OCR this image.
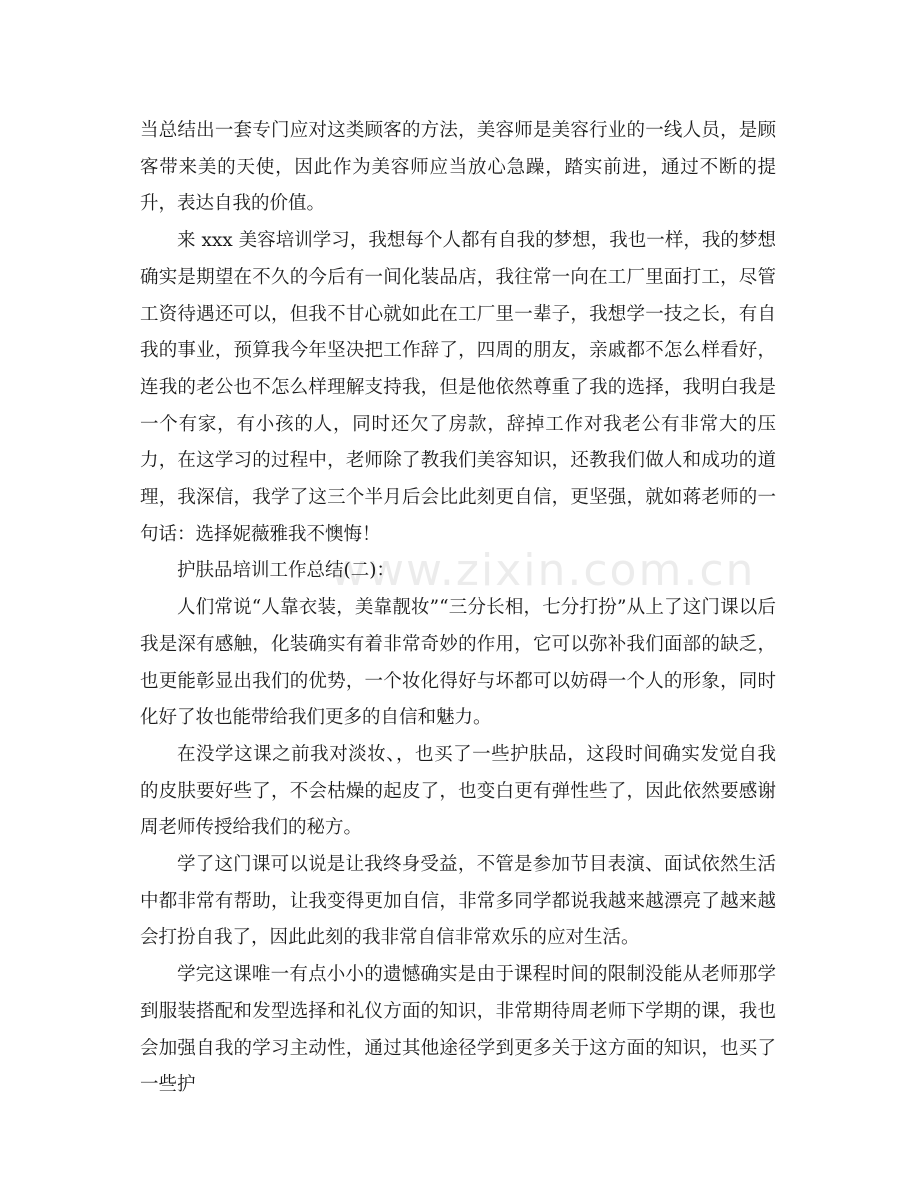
www.zixin.com.cn

当总结出一套专门应对这类顾客的方法，美容师是美容行业的一线人员，是顾客带来美的天使，因此作为美容师应当放心急躁，踏实前进，通过不断的提升，表达自我的价值。

来 xxx 美容培训学习，我想每个人都有自我的梦想，我也一样，我的梦想确实是期望在不久的今后有一间化装品店，我往常一向在工厂里面打工，尽管工资待遇还可以，但我不甘心就如此在工厂里一辈子，我想学一技之长，有自我的事业，预算我今年坚决把工作辞了，四周的朋友，亲戚都不怎么样看好，连我的老公也不怎么样理解支持我，但是他依然尊重了我的选择，我明白我是一个有家，有小孩的人，同时还欠了房款，辞掉工作对我老公有非常大的压力，在这学习的过程中，老师除了教我们美容知识，还教我们做人和成功的道理，我深信，我学了这三个半月后会比此刻更自信，更坚强，就如蒋老师的一句话：选择妮薇雅我不懊悔！

护肤品培训工作总结(二)：

人们常说“人靠衣装，美靠靓妆”“三分长相，七分打扮”从上了这门课以后我是深有感触，化装确实有着非常奇妙的作用，它可以弥补我们面部的缺乏，也更能彰显出我们的优势，一个妆化得好与坏都可以妨碍一个人的形象，同时化好了妆也能带给我们更多的自信和魅力。

在没学这课之前我对淡妆、，也买了一些护肤品，这段时间确实发觉自我的皮肤要好些了，不会枯燥的起皮了，也变白更有弹性些了，因此依然要感谢周老师传授给我们的秘方。

学了这门课可以说是让我终身受益，不管是参加节目表演、面试依然生活中都非常有帮助，让我变得更加自信，非常多同学都说我越来越漂亮了越来越会打扮自我了，因此此刻的我非常自信非常欢乐的应对生活。

学完这课唯一有点小小的遗憾确实是由于课程时间的限制没能从老师那学到服装搭配和发型选择和礼仪方面的知识，非常期待周老师下学期的课，我也会加强自我的学习主动性，通过其他途径学到更多关于这方面的知识，也买了一些护
